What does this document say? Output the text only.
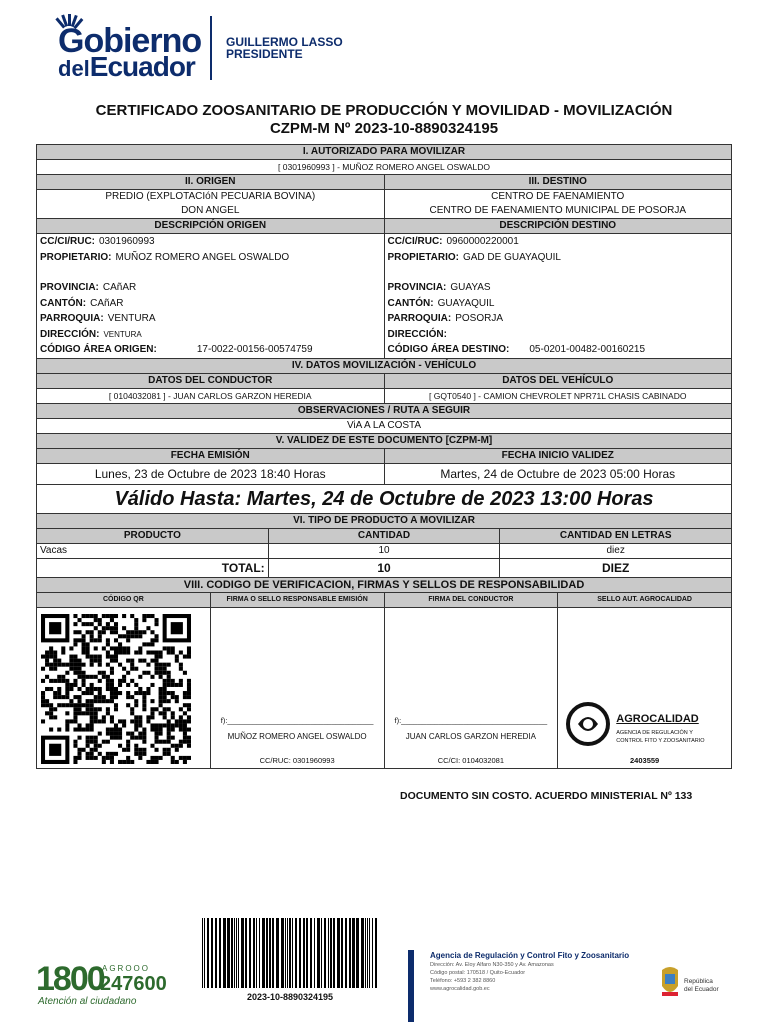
Gobierno
delEcuador
GUILLERMO LASSO
PRESIDENTE
CERTIFICADO ZOOSANITARIO DE PRODUCCIÓN Y MOVILIDAD - MOVILIZACIÓN
CZPM-M Nº 2023-10-8890324195
I. AUTORIZADO PARA MOVILIZAR
[ 0301960993 ] - MUÑOZ ROMERO ANGEL OSWALDO
II. ORIGEN	III. DESTINO
PREDIO (EXPLOTACIóN PECUARIA BOVINA)
DON ANGEL
CENTRO DE FAENAMIENTO
CENTRO DE FAENAMIENTO MUNICIPAL DE POSORJA
DESCRIPCIÓN ORIGEN	DESCRIPCIÓN DESTINO
CC/CI/RUC: 0301960993
PROPIETARIO: MUÑOZ ROMERO ANGEL OSWALDO
PROVINCIA: CAñAR
CANTÓN: CAñAR
PARROQUIA: VENTURA
DIRECCIÓN: VENTURA
CÓDIGO ÁREA ORIGEN:	17-0022-00156-00574759
CC/CI/RUC: 0960000220001
PROPIETARIO: GAD DE GUAYAQUIL
PROVINCIA: GUAYAS
CANTÓN: GUAYAQUIL
PARROQUIA: POSORJA
DIRECCIÓN:
CÓDIGO ÁREA DESTINO: 05-0201-00482-00160215
IV. DATOS MOVILIZACIÓN - VEHÍCULO
DATOS DEL CONDUCTOR	DATOS DEL VEHÍCULO
[ 0104032081 ] - JUAN CARLOS GARZON HEREDIA	[ GQT0540 ] - CAMION CHEVROLET NPR71L CHASIS CABINADO
OBSERVACIONES / RUTA A SEGUIR
ViA A LA COSTA
V. VALIDEZ DE ESTE DOCUMENTO [CZPM-M]
FECHA EMISIÓN	FECHA INICIO VALIDEZ
Lunes, 23 de Octubre de 2023 18:40 Horas	Martes, 24 de Octubre de 2023 05:00 Horas
Válido Hasta: Martes, 24 de Octubre de 2023 13:00 Horas
VI. TIPO DE PRODUCTO A MOVILIZAR
PRODUCTO	CANTIDAD	CANTIDAD EN LETRAS
Vacas	10	diez
TOTAL:	10	DIEZ
VIII. CODIGO DE VERIFICACION, FIRMAS Y SELLOS DE RESPONSABILIDAD
CÓDIGO QR	FIRMA O SELLO RESPONSABLE EMISIÓN	FIRMA DEL CONDUCTOR	SELLO AUT. AGROCALIDAD
f):___________________________________
MUÑOZ ROMERO ANGEL OSWALDO
CC/RUC: 0301960993
f):___________________________________
JUAN CARLOS GARZON HEREDIA
CC/CI: 0104032081
AGROCALIDAD
AGENCIA DE REGULACIÓN Y
CONTROL FITO Y ZOOSANITARIO
2403559
DOCUMENTO SIN COSTO. ACUERDO MINISTERIAL Nº 133
2023-10-8890324195
1800
AGROOO
247600
Atención al ciudadano
Agencia de Regulación y Control Fito y Zoosanitario
Dirección: Av. Eloy Alfaro N30-350 y Av. Amazonas
Código postal: 170518 / Quito-Ecuador
Teléfono: +593 2 382 8860
www.agrocalidad.gob.ec
República
del Ecuador
